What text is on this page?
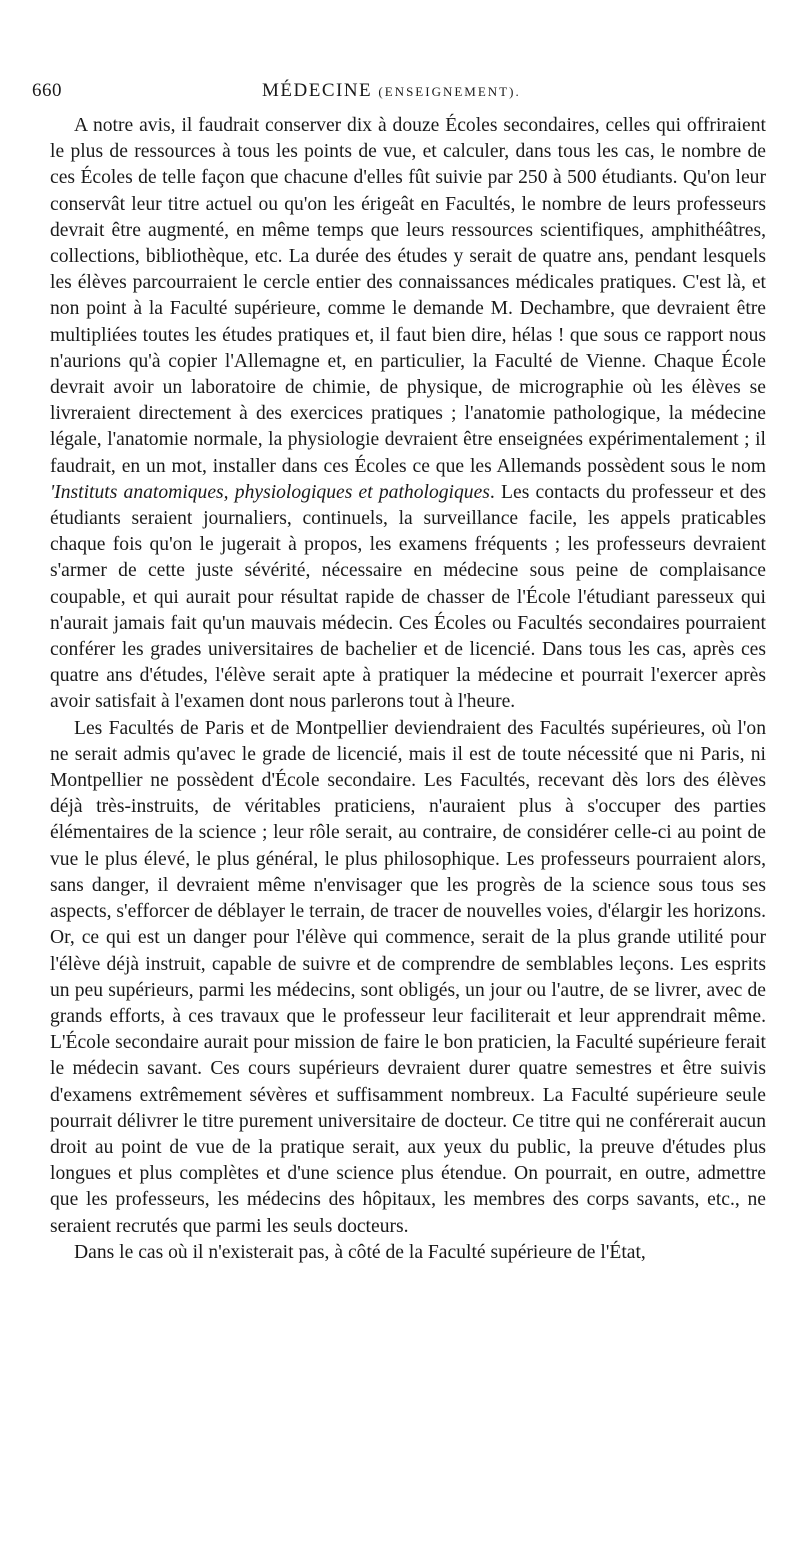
660	MÉDECINE (ENSEIGNEMENT).

A notre avis, il faudrait conserver dix à douze Écoles secondaires, celles qui offriraient le plus de ressources à tous les points de vue, et calculer, dans tous les cas, le nombre de ces Écoles de telle façon que chacune d'elles fût suivie par 250 à 500 étudiants. Qu'on leur conservât leur titre actuel ou qu'on les érigeât en Facultés, le nombre de leurs professeurs devrait être augmenté, en même temps que leurs ressources scientifiques, amphithéâtres, collections, bibliothèque, etc. La durée des études y serait de quatre ans, pendant lesquels les élèves parcourraient le cercle entier des connaissances médicales pratiques. C'est là, et non point à la Faculté supérieure, comme le demande M. Dechambre, que devraient être multipliées toutes les études pratiques et, il faut bien dire, hélas ! que sous ce rapport nous n'aurions qu'à copier l'Allemagne et, en particulier, la Faculté de Vienne. Chaque École devrait avoir un laboratoire de chimie, de physique, de micrographie où les élèves se livreraient directement à des exercices pratiques ; l'anatomie pathologique, la médecine légale, l'anatomie normale, la physiologie devraient être enseignées expérimentalement ; il faudrait, en un mot, installer dans ces Écoles ce que les Allemands possèdent sous le nom 'Instituts anatomiques, physiologiques et pathologiques. Les contacts du professeur et des étudiants seraient journaliers, continuels, la surveillance facile, les appels praticables chaque fois qu'on le jugerait à propos, les examens fréquents ; les professeurs devraient s'armer de cette juste sévérité, nécessaire en médecine sous peine de complaisance coupable, et qui aurait pour résultat rapide de chasser de l'École l'étudiant paresseux qui n'aurait jamais fait qu'un mauvais médecin. Ces Écoles ou Facultés secondaires pourraient conférer les grades universitaires de bachelier et de licencié. Dans tous les cas, après ces quatre ans d'études, l'élève serait apte à pratiquer la médecine et pourrait l'exercer après avoir satisfait à l'examen dont nous parlerons tout à l'heure.

Les Facultés de Paris et de Montpellier deviendraient des Facultés supérieures, où l'on ne serait admis qu'avec le grade de licencié, mais il est de toute nécessité que ni Paris, ni Montpellier ne possèdent d'École secondaire. Les Facultés, recevant dès lors des élèves déjà très-instruits, de véritables praticiens, n'auraient plus à s'occuper des parties élémentaires de la science ; leur rôle serait, au contraire, de considérer celle-ci au point de vue le plus élevé, le plus général, le plus philosophique. Les professeurs pourraient alors, sans danger, il devraient même n'envisager que les progrès de la science sous tous ses aspects, s'efforcer de déblayer le terrain, de tracer de nouvelles voies, d'élargir les horizons. Or, ce qui est un danger pour l'élève qui commence, serait de la plus grande utilité pour l'élève déjà instruit, capable de suivre et de comprendre de semblables leçons. Les esprits un peu supérieurs, parmi les médecins, sont obligés, un jour ou l'autre, de se livrer, avec de grands efforts, à ces travaux que le professeur leur faciliterait et leur apprendrait même. L'École secondaire aurait pour mission de faire le bon praticien, la Faculté supérieure ferait le médecin savant. Ces cours supérieurs devraient durer quatre semestres et être suivis d'examens extrêmement sévères et suffisamment nombreux. La Faculté supérieure seule pourrait délivrer le titre purement universitaire de docteur. Ce titre qui ne conférerait aucun droit au point de vue de la pratique serait, aux yeux du public, la preuve d'études plus longues et plus complètes et d'une science plus étendue. On pourrait, en outre, admettre que les professeurs, les médecins des hôpitaux, les membres des corps savants, etc., ne seraient recrutés que parmi les seuls docteurs.

Dans le cas où il n'existerait pas, à côté de la Faculté supérieure de l'État,
